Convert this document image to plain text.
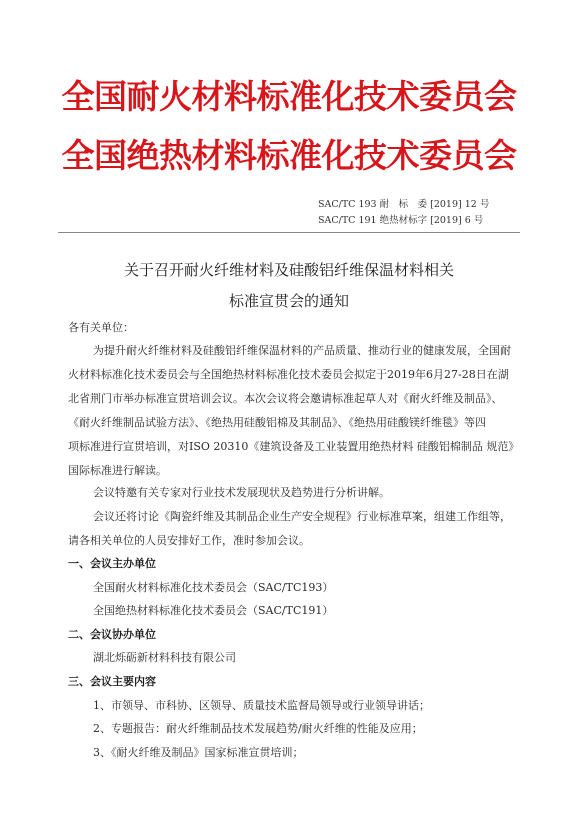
全国耐火材料标准化技术委员会
全国绝热材料标准化技术委员会
SAC/TC 193 耐　标　委 [2019] 12 号
SAC/TC 191 绝热材标字 [2019] 6 号
关于召开耐火纤维材料及硅酸铝纤维保温材料相关
标准宣贯会的通知
各有关单位：
为提升耐火纤维材料及硅酸铝纤维保温材料的产品质量、推动行业的健康发展，全国耐
火材料标准化技术委员会与全国绝热材料标准化技术委员会拟定于2019年6月27-28日在湖
北省荆门市举办标准宣贯培训会议。本次会议将会邀请标准起草人对《耐火纤维及制品》、
《耐火纤维制品试验方法》、《绝热用硅酸铝棉及其制品》、《绝热用硅酸镁纤维毯》等四
项标准进行宣贯培训，对ISO 20310《建筑设备及工业装置用绝热材料 硅酸铝棉制品 规范》
国际标准进行解读。
会议特邀有关专家对行业技术发展现状及趋势进行分析讲解。
会议还将讨论《陶瓷纤维及其制品企业生产安全规程》行业标准草案，组建工作组等，
请各相关单位的人员安排好工作，准时参加会议。
一、会议主办单位
全国耐火材料标准化技术委员会（SAC/TC193）
全国绝热材料标准化技术委员会（SAC/TC191）
二、会议协办单位
湖北烁砺新材料科技有限公司
三、会议主要内容
1、市领导、市科协、区领导、质量技术监督局领导或行业领导讲话；
2、专题报告：耐火纤维制品技术发展趋势/耐火纤维的性能及应用；
3、《耐火纤维及制品》国家标准宣贯培训；
